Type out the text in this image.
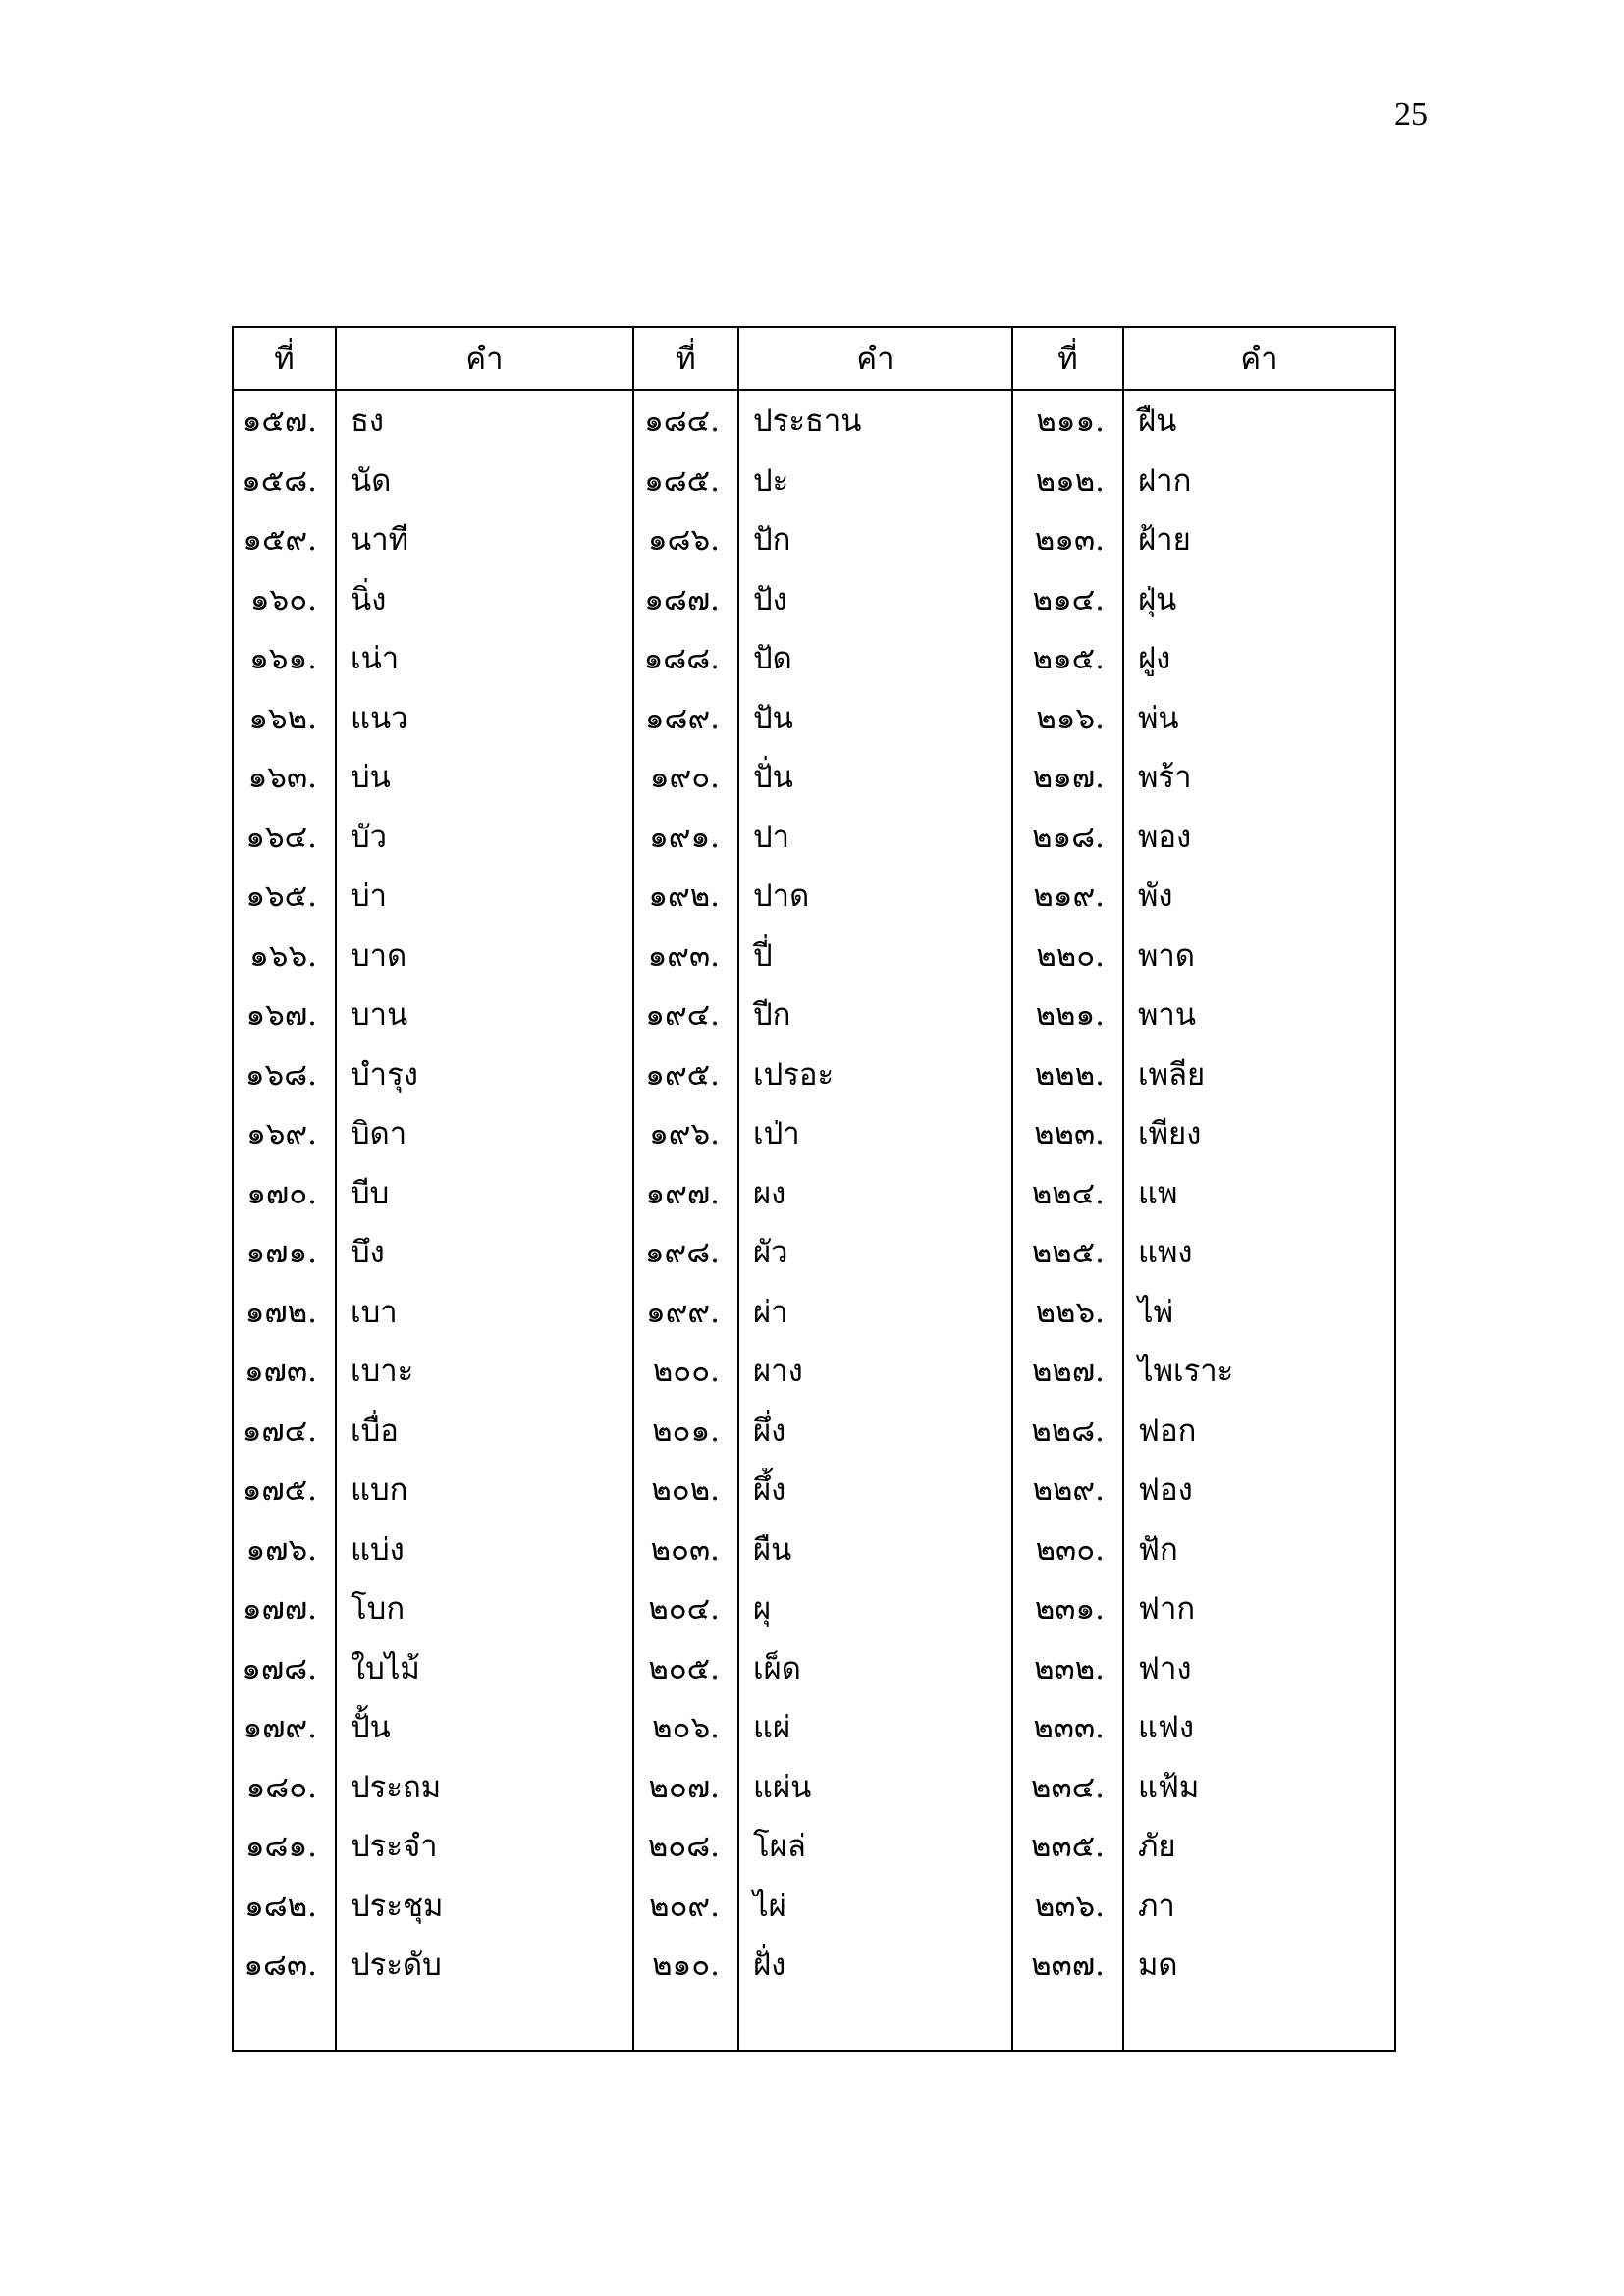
25
ที่	คำ	ที่	คำ	ที่	คำ
๑๕๗.	ธง	๑๘๔.	ประธาน	๒๑๑.	ฝืน
๑๕๘.	นัด	๑๘๕.	ปะ	๒๑๒.	ฝาก
๑๕๙.	นาที	๑๘๖.	ปัก	๒๑๓.	ฝ้าย
๑๖๐.	นิ่ง	๑๘๗.	ปัง	๒๑๔.	ฝุ่น
๑๖๑.	เน่า	๑๘๘.	ปัด	๒๑๕.	ฝูง
๑๖๒.	แนว	๑๘๙.	ปัน	๒๑๖.	พ่น
๑๖๓.	บ่น	๑๙๐.	ปั่น	๒๑๗.	พร้า
๑๖๔.	บัว	๑๙๑.	ปา	๒๑๘.	พอง
๑๖๕.	บ่า	๑๙๒.	ปาด	๒๑๙.	พัง
๑๖๖.	บาด	๑๙๓.	ปี่	๒๒๐.	พาด
๑๖๗.	บาน	๑๙๔.	ปีก	๒๒๑.	พาน
๑๖๘.	บำรุง	๑๙๕.	เปรอะ	๒๒๒.	เพลีย
๑๖๙.	บิดา	๑๙๖.	เป่า	๒๒๓.	เพียง
๑๗๐.	บีบ	๑๙๗.	ผง	๒๒๔.	แพ
๑๗๑.	บึง	๑๙๘.	ผัว	๒๒๕.	แพง
๑๗๒.	เบา	๑๙๙.	ผ่า	๒๒๖.	ไพ่
๑๗๓.	เบาะ	๒๐๐.	ผาง	๒๒๗.	ไพเราะ
๑๗๔.	เบื่อ	๒๐๑.	ผึ่ง	๒๒๘.	ฟอก
๑๗๕.	แบก	๒๐๒.	ผึ้ง	๒๒๙.	ฟอง
๑๗๖.	แบ่ง	๒๐๓.	ผืน	๒๓๐.	ฟัก
๑๗๗.	โบก	๒๐๔.	ผุ	๒๓๑.	ฟาก
๑๗๘.	ใบไม้	๒๐๕.	เผ็ด	๒๓๒.	ฟาง
๑๗๙.	ปั้น	๒๐๖.	แผ่	๒๓๓.	แฟง
๑๘๐.	ประถม	๒๐๗.	แผ่น	๒๓๔.	แฟ้ม
๑๘๑.	ประจำ	๒๐๘.	โผล่	๒๓๕.	ภัย
๑๘๒.	ประชุม	๒๐๙.	ไผ่	๒๓๖.	ภา
๑๘๓.	ประดับ	๒๑๐.	ฝั่ง	๒๓๗.	มด
